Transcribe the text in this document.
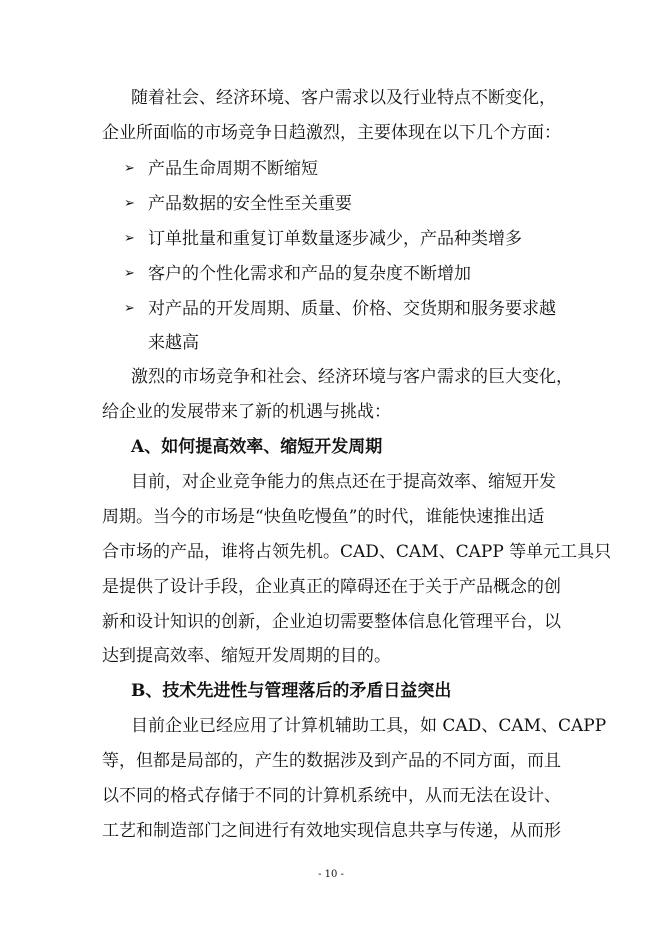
随着社会、经济环境、客户需求以及行业特点不断变化，
企业所面临的市场竞争日趋激烈，主要体现在以下几个方面：
➢ 产品生命周期不断缩短
➢ 产品数据的安全性至关重要
➢ 订单批量和重复订单数量逐步减少，产品种类增多
➢ 客户的个性化需求和产品的复杂度不断增加
➢ 对产品的开发周期、质量、价格、交货期和服务要求越
来越高
激烈的市场竞争和社会、经济环境与客户需求的巨大变化，
给企业的发展带来了新的机遇与挑战：
A、如何提高效率、缩短开发周期
目前，对企业竞争能力的焦点还在于提高效率、缩短开发
周期。当今的市场是“快鱼吃慢鱼”的时代，谁能快速推出适
合市场的产品，谁将占领先机。CAD、CAM、CAPP 等单元工具只
是提供了设计手段，企业真正的障碍还在于关于产品概念的创
新和设计知识的创新，企业迫切需要整体信息化管理平台，以
达到提高效率、缩短开发周期的目的。
B、技术先进性与管理落后的矛盾日益突出
目前企业已经应用了计算机辅助工具，如 CAD、CAM、CAPP
等，但都是局部的，产生的数据涉及到产品的不同方面，而且
以不同的格式存储于不同的计算机系统中，从而无法在设计、
工艺和制造部门之间进行有效地实现信息共享与传递，从而形
- 10 -
